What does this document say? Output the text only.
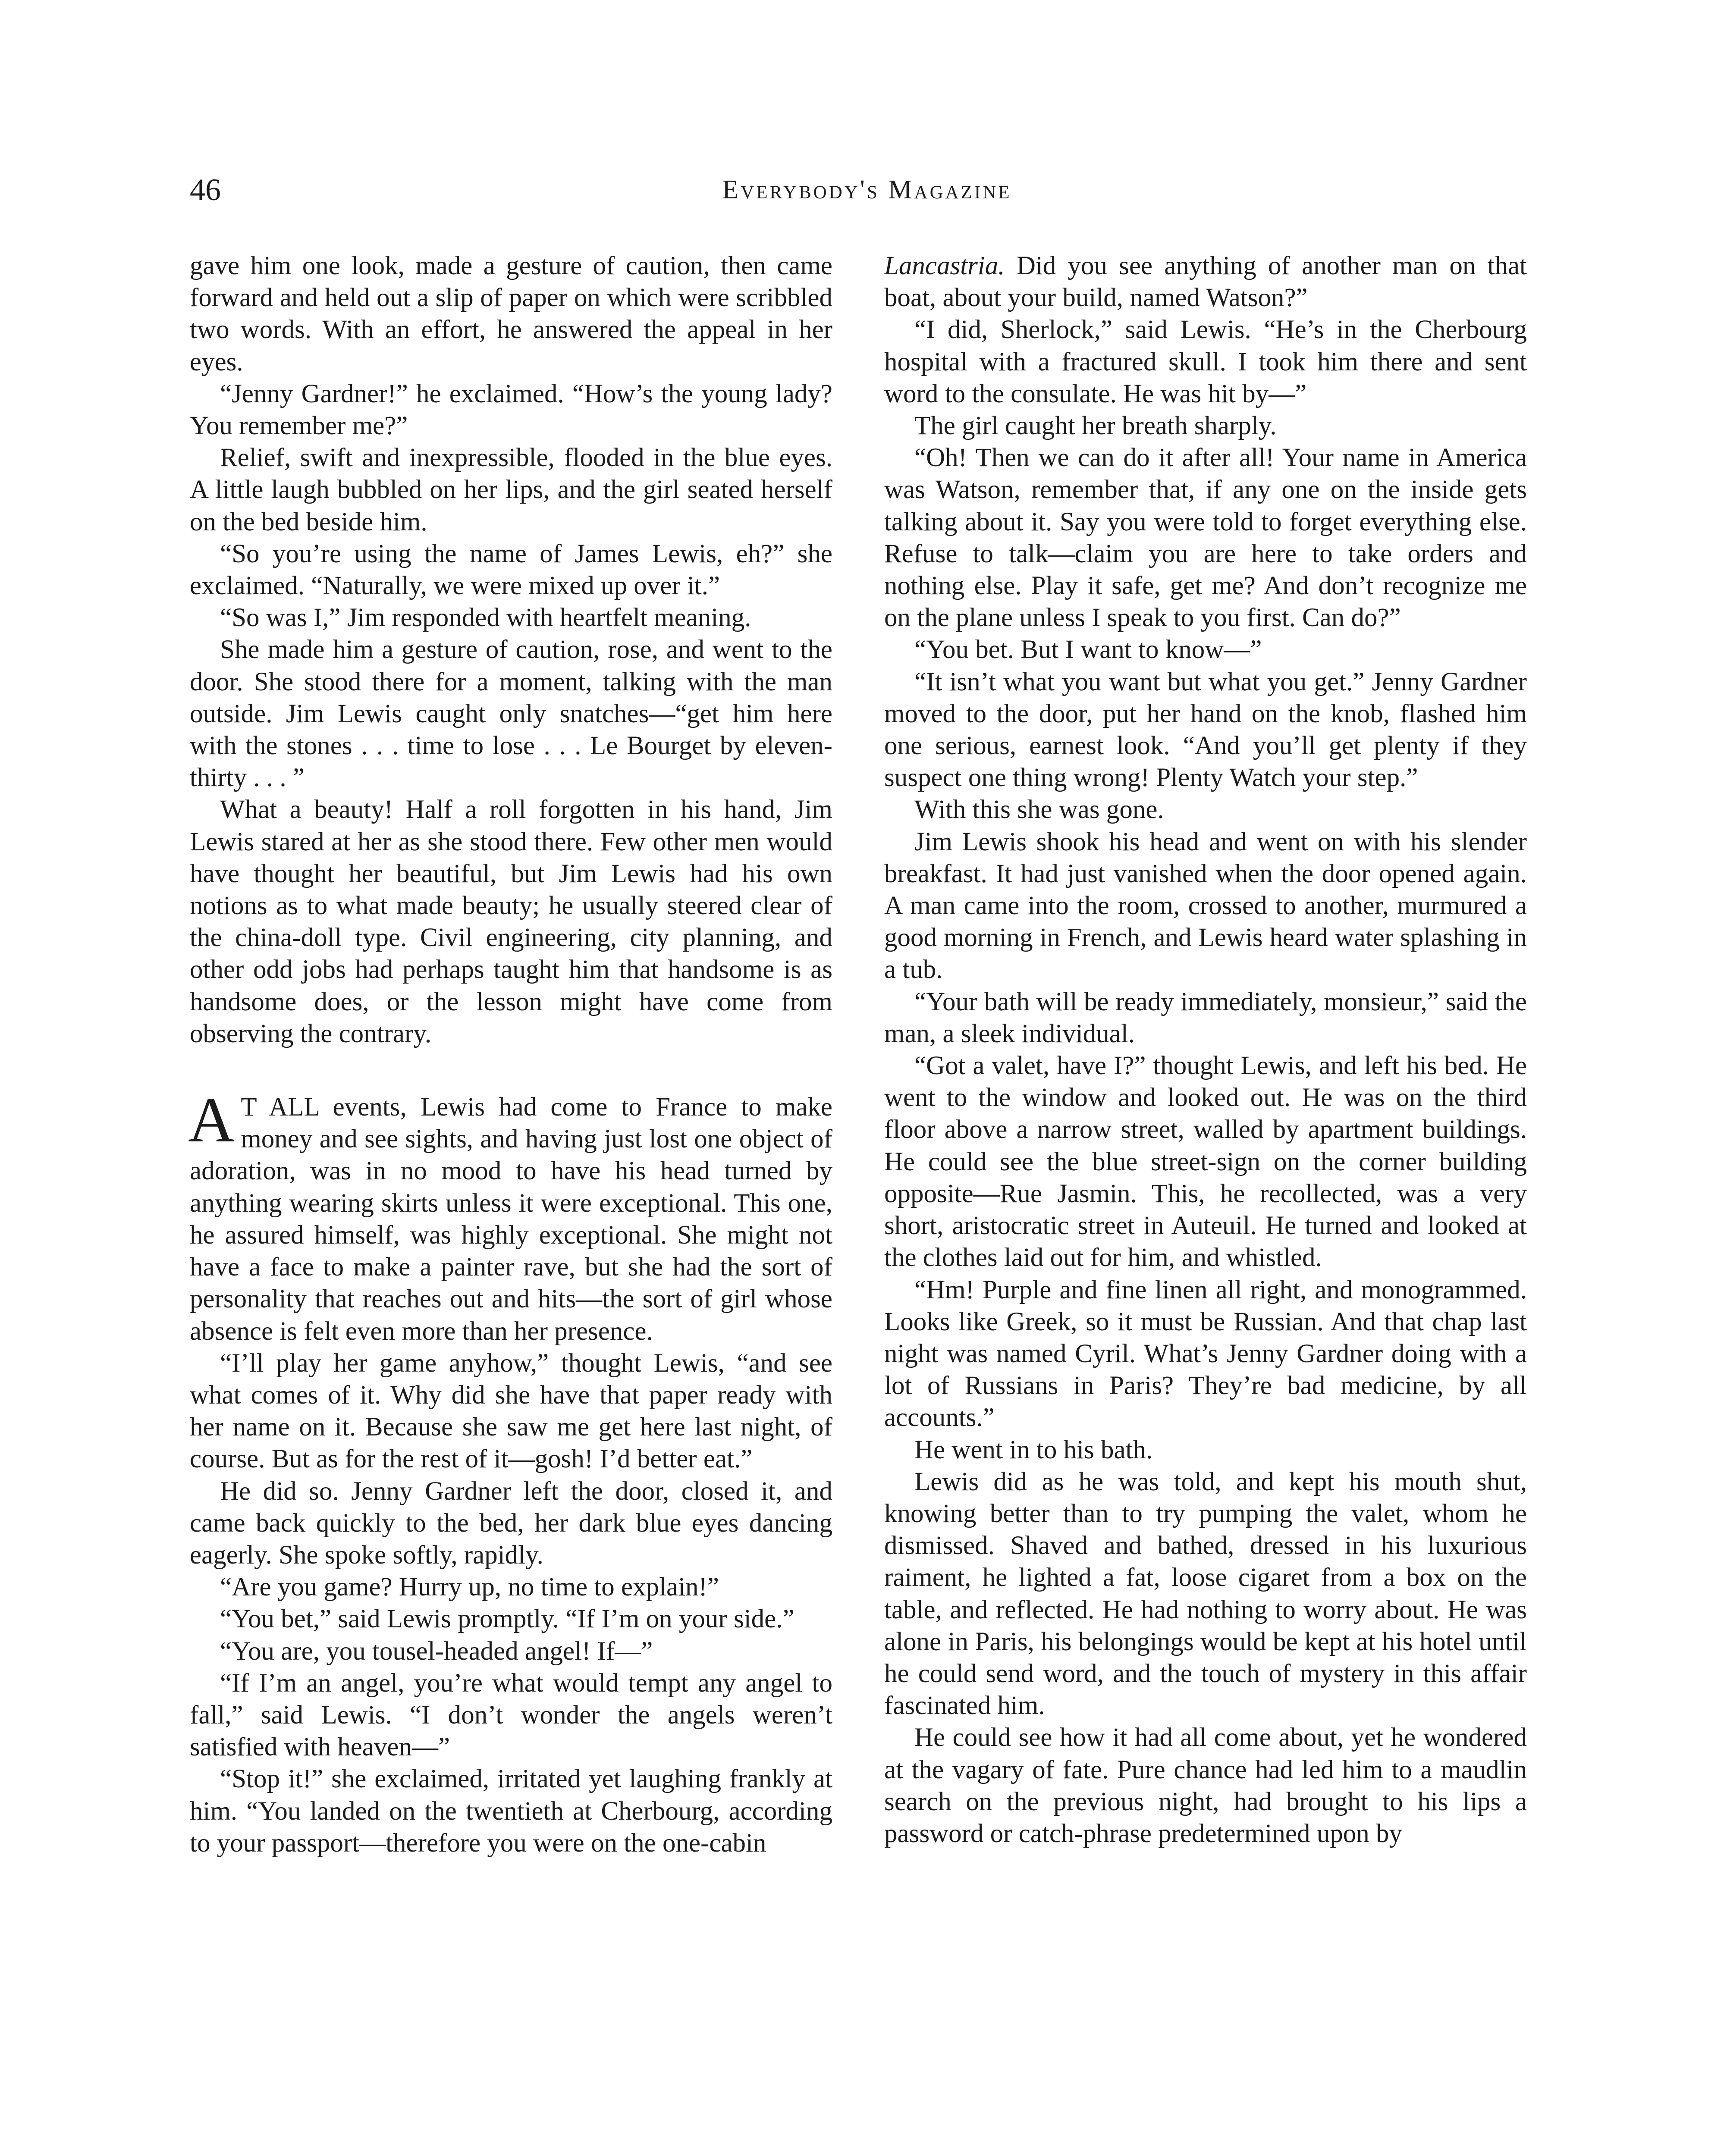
46	Everybody's Magazine

gave him one look, made a gesture of caution, then came forward and held out a slip of paper on which were scribbled two words. With an effort, he answered the appeal in her eyes.

“Jenny Gardner!” he exclaimed. “How’s the young lady? You remember me?”

Relief, swift and inexpressible, flooded in the blue eyes. A little laugh bubbled on her lips, and the girl seated herself on the bed beside him.

“So you’re using the name of James Lewis, eh?” she exclaimed. “Naturally, we were mixed up over it.”

“So was I,” Jim responded with heartfelt meaning.

She made him a gesture of caution, rose, and went to the door. She stood there for a moment, talking with the man outside. Jim Lewis caught only snatches—“get him here with the stones . . . time to lose . . . Le Bourget by eleven-thirty . . . ”

What a beauty! Half a roll forgotten in his hand, Jim Lewis stared at her as she stood there. Few other men would have thought her beautiful, but Jim Lewis had his own notions as to what made beauty; he usually steered clear of the china-doll type. Civil engineering, city planning, and other odd jobs had perhaps taught him that handsome is as handsome does, or the lesson might have come from observing the contrary.

A T ALL events, Lewis had come to France to make money and see sights, and having just lost one object of adoration, was in no mood to have his head turned by anything wearing skirts unless it were exceptional. This one, he assured himself, was highly exceptional. She might not have a face to make a painter rave, but she had the sort of personality that reaches out and hits—the sort of girl whose absence is felt even more than her presence.

“I’ll play her game anyhow,” thought Lewis, “and see what comes of it. Why did she have that paper ready with her name on it. Because she saw me get here last night, of course. But as for the rest of it—gosh! I’d better eat.”

He did so. Jenny Gardner left the door, closed it, and came back quickly to the bed, her dark blue eyes dancing eagerly. She spoke softly, rapidly.

“Are you game? Hurry up, no time to explain!”

“You bet,” said Lewis promptly. “If I’m on your side.”

“You are, you tousel-headed angel! If—”

“If I’m an angel, you’re what would tempt any angel to fall,” said Lewis. “I don’t wonder the angels weren’t satisfied with heaven—”

“Stop it!” she exclaimed, irritated yet laughing frankly at him. “You landed on the twentieth at Cherbourg, according to your passport—therefore you were on the one-cabin

Lancastria. Did you see anything of another man on that boat, about your build, named Watson?”

“I did, Sherlock,” said Lewis. “He’s in the Cherbourg hospital with a fractured skull. I took him there and sent word to the consulate. He was hit by—”

The girl caught her breath sharply.

“Oh! Then we can do it after all! Your name in America was Watson, remember that, if any one on the inside gets talking about it. Say you were told to forget everything else. Refuse to talk—claim you are here to take orders and nothing else. Play it safe, get me? And don’t recognize me on the plane unless I speak to you first. Can do?”

“You bet. But I want to know—”

“It isn’t what you want but what you get.” Jenny Gardner moved to the door, put her hand on the knob, flashed him one serious, earnest look. “And you’ll get plenty if they suspect one thing wrong! Plenty Watch your step.”

With this she was gone.

Jim Lewis shook his head and went on with his slender breakfast. It had just vanished when the door opened again. A man came into the room, crossed to another, murmured a good morning in French, and Lewis heard water splashing in a tub.

“Your bath will be ready immediately, monsieur,” said the man, a sleek individual.

“Got a valet, have I?” thought Lewis, and left his bed. He went to the window and looked out. He was on the third floor above a narrow street, walled by apartment buildings. He could see the blue street-sign on the corner building opposite—Rue Jasmin. This, he recollected, was a very short, aristocratic street in Auteuil. He turned and looked at the clothes laid out for him, and whistled.

“Hm! Purple and fine linen all right, and monogrammed. Looks like Greek, so it must be Russian. And that chap last night was named Cyril. What’s Jenny Gardner doing with a lot of Russians in Paris? They’re bad medicine, by all accounts.”

He went in to his bath.

Lewis did as he was told, and kept his mouth shut, knowing better than to try pumping the valet, whom he dismissed. Shaved and bathed, dressed in his luxurious raiment, he lighted a fat, loose cigaret from a box on the table, and reflected. He had nothing to worry about. He was alone in Paris, his belongings would be kept at his hotel until he could send word, and the touch of mystery in this affair fascinated him.

He could see how it had all come about, yet he wondered at the vagary of fate. Pure chance had led him to a maudlin search on the previous night, had brought to his lips a password or catch-phrase predetermined upon by
